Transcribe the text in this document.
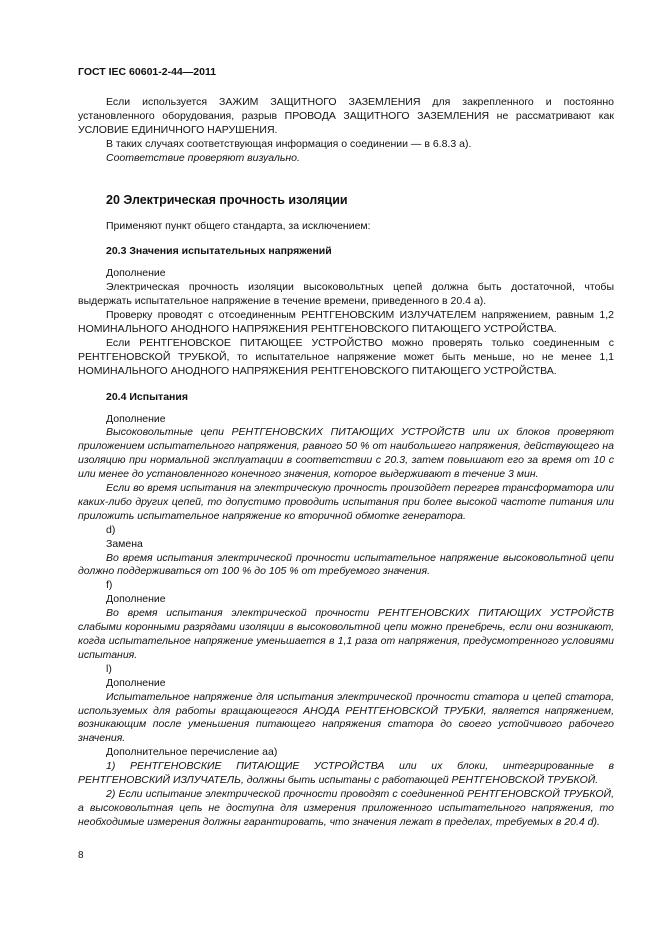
ГОСТ IEC 60601-2-44—2011

Если используется ЗАЖИМ ЗАЩИТНОГО ЗАЗЕМЛЕНИЯ для закрепленного и постоянно установленного оборудования, разрыв ПРОВОДА ЗАЩИТНОГО ЗАЗЕМЛЕНИЯ не рассматривают как УСЛОВИЕ ЕДИНИЧНОГО НАРУШЕНИЯ.

В таких случаях соответствующая информация о соединении — в 6.8.3 а).

Соответствие проверяют визуально.

20 Электрическая прочность изоляции

Применяют пункт общего стандарта, за исключением:

20.3 Значения испытательных напряжений

Дополнение

Электрическая прочность изоляции высоковольтных цепей должна быть достаточной, чтобы выдержать испытательное напряжение в течение времени, приведенного в 20.4 а).

Проверку проводят с отсоединенным РЕНТГЕНОВСКИМ ИЗЛУЧАТЕЛЕМ напряжением, равным 1,2 НОМИНАЛЬНОГО АНОДНОГО НАПРЯЖЕНИЯ РЕНТГЕНОВСКОГО ПИТАЮЩЕГО УСТРОЙСТВА.

Если РЕНТГЕНОВСКОЕ ПИТАЮЩЕЕ УСТРОЙСТВО можно проверять только соединенным с РЕНТГЕНОВСКОЙ ТРУБКОЙ, то испытательное напряжение может быть меньше, но не менее 1,1 НОМИНАЛЬНОГО АНОДНОГО НАПРЯЖЕНИЯ РЕНТГЕНОВСКОГО ПИТАЮЩЕГО УСТРОЙСТВА.

20.4 Испытания

Дополнение

Высоковольтные цепи РЕНТГЕНОВСКИХ ПИТАЮЩИХ УСТРОЙСТВ или их блоков проверяют приложением испытательного напряжения, равного 50 % от наибольшего напряжения, действующего на изоляцию при нормальной эксплуатации в соответствии с 20.3, затем повышают его за время от 10 с или менее до установленного конечного значения, которое выдерживают в течение 3 мин.

Если во время испытания на электрическую прочность произойдет перегрев трансформатора или каких-либо других цепей, то допустимо проводить испытания при более высокой частоте питания или приложить испытательное напряжение ко вторичной обмотке генератора.

d)

Замена

Во время испытания электрической прочности испытательное напряжение высоковольтной цепи должно поддерживаться от 100 % до 105 % от требуемого значения.

f)

Дополнение

Во время испытания электрической прочности РЕНТГЕНОВСКИХ ПИТАЮЩИХ УСТРОЙСТВ слабыми коронными разрядами изоляции в высоковольтной цепи можно пренебречь, если они возникают, когда испытательное напряжение уменьшается в 1,1 раза от напряжения, предусмотренного условиями испытания.

l)

Дополнение

Испытательное напряжение для испытания электрической прочности статора и цепей статора, используемых для работы вращающегося АНОДА РЕНТГЕНОВСКОЙ ТРУБКИ, является напряжением, возникающим после уменьшения питающего напряжения статора до своего устойчивого рабочего значения.

Дополнительное перечисление аа)

1) РЕНТГЕНОВСКИЕ ПИТАЮЩИЕ УСТРОЙСТВА или их блоки, интегрированные в РЕНТГЕНОВСКИЙ ИЗЛУЧАТЕЛЬ, должны быть испытаны с работающей РЕНТГЕНОВСКОЙ ТРУБКОЙ.

2) Если испытание электрической прочности проводят с соединенной РЕНТГЕНОВСКОЙ ТРУБКОЙ, а высоковольтная цепь не доступна для измерения приложенного испытательного напряжения, то необходимые измерения должны гарантировать, что значения лежат в пределах, требуемых в 20.4 d).

8
